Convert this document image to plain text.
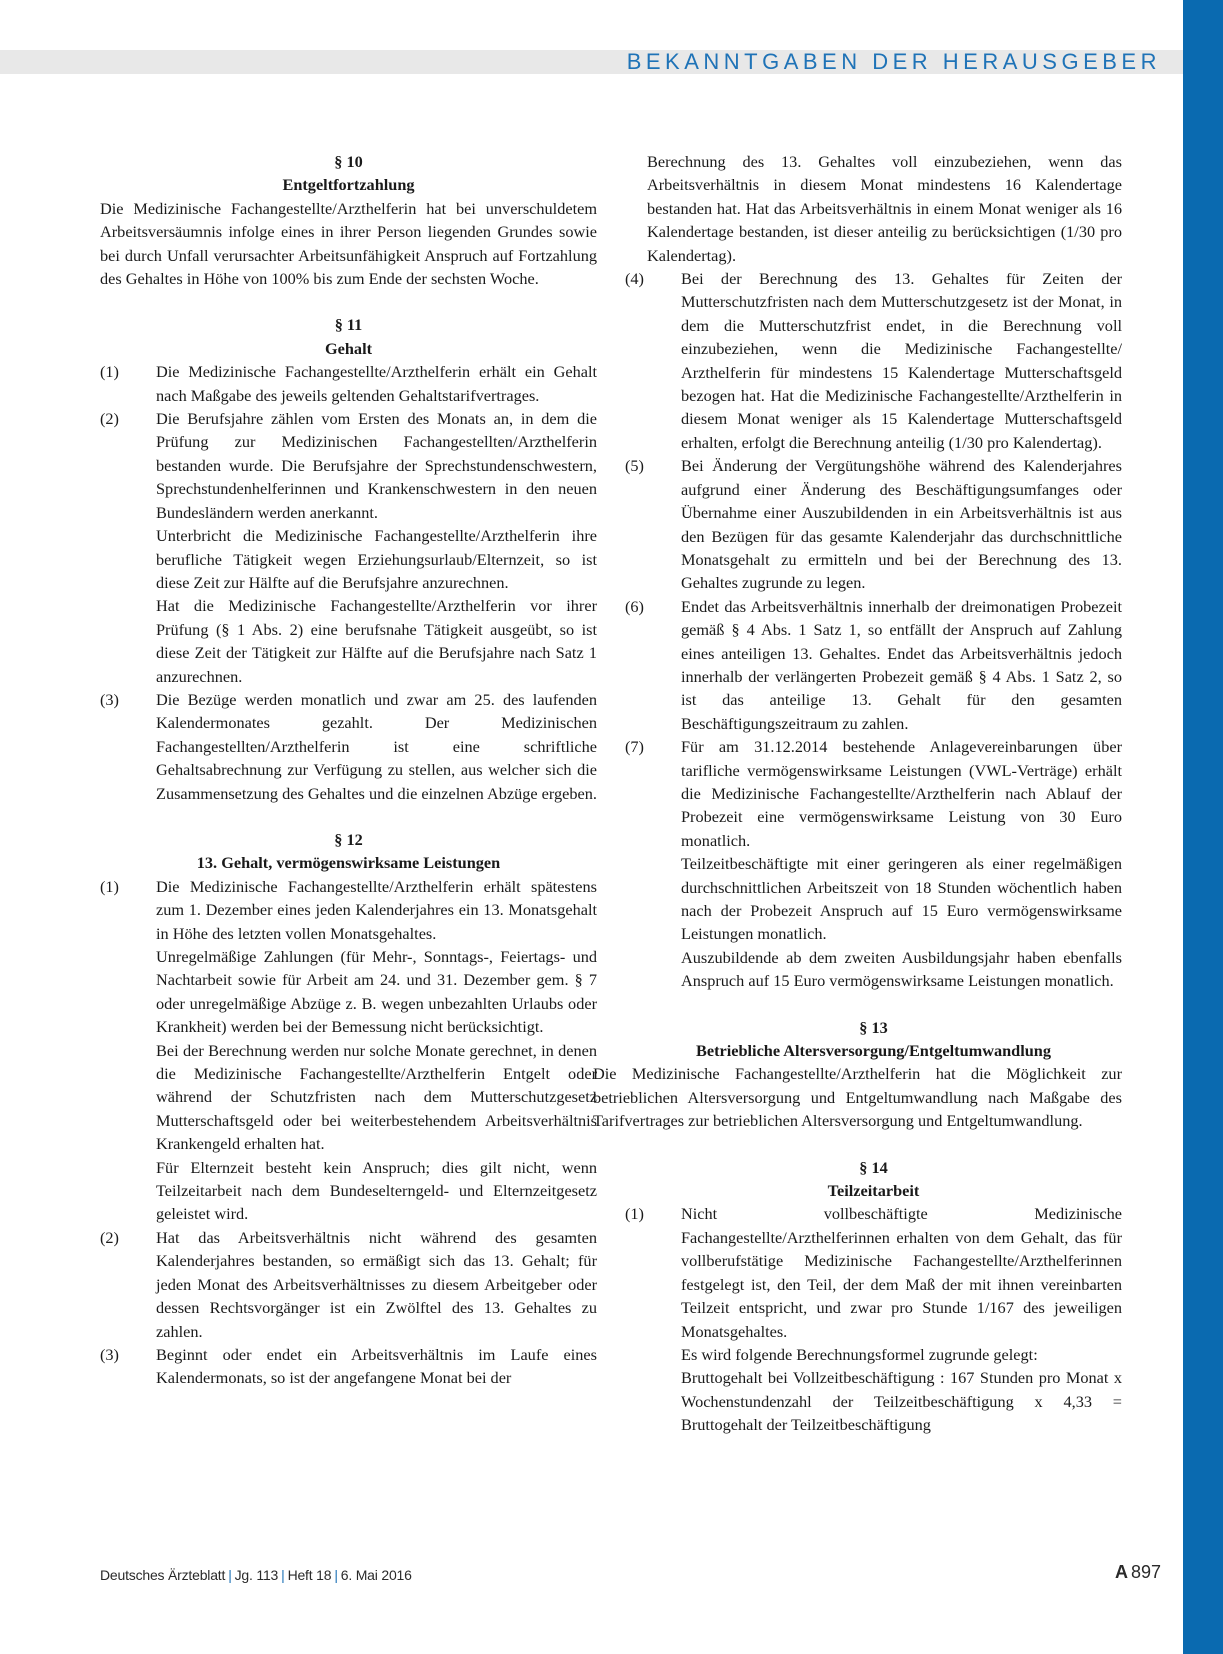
BEKANNTGABEN DER HERAUSGEBER
§ 10
Entgeltfortzahlung

Die Medizinische Fachangestellte/Arzthelferin hat bei unverschuldetem Arbeitsversäumnis infolge eines in ihrer Person liegenden Grundes sowie bei durch Unfall verursachter Arbeitsunfähigkeit Anspruch auf Fortzahlung des Gehaltes in Höhe von 100% bis zum Ende der sechsten Woche.

§ 11
Gehalt
(1)	Die Medizinische Fachangestellte/Arzthelferin erhält ein Gehalt nach Maßgabe des jeweils geltenden Gehaltstarifvertrages.

(2)	Die Berufsjahre zählen vom Ersten des Monats an, in dem die Prüfung zur Medizinischen Fachangestellten/Arzthelferin bestanden wurde. Die Berufsjahre der Sprechstundenschwestern, Sprechstundenhelferinnen und Krankenschwestern in den neuen Bundesländern werden anerkannt.

Unterbricht die Medizinische Fachangestellte/Arzthelferin ihre berufliche Tätigkeit wegen Erziehungsurlaub/Elternzeit, so ist diese Zeit zur Hälfte auf die Berufsjahre anzurechnen.

Hat die Medizinische Fachangestellte/Arzthelferin vor ihrer Prüfung (§ 1 Abs. 2) eine berufsnahe Tätigkeit ausgeübt, so ist diese Zeit der Tätigkeit zur Hälfte auf die Berufsjahre nach Satz 1 anzurechnen.

(3)	Die Bezüge werden monatlich und zwar am 25. des laufenden Kalendermonates gezahlt. Der Medizinischen Fachangestellten/Arzthelferin ist eine schriftliche Gehaltsabrechnung zur Verfügung zu stellen, aus welcher sich die Zusammensetzung des Gehaltes und die einzelnen Abzüge ergeben.

§ 12
13. Gehalt, vermögenswirksame Leistungen
(1)	Die Medizinische Fachangestellte/Arzthelferin erhält spätestens zum 1. Dezember eines jeden Kalenderjahres ein 13. Monatsgehalt in Höhe des letzten vollen Monatsgehaltes.

Unregelmäßige Zahlungen (für Mehr-, Sonntags-, Feiertags- und Nachtarbeit sowie für Arbeit am 24. und 31. Dezember gem. § 7 oder unregelmäßige Abzüge z. B. wegen unbezahlten Urlaubs oder Krankheit) werden bei der Bemessung nicht berücksichtigt.

Bei der Berechnung werden nur solche Monate gerechnet, in denen die Medizinische Fachangestellte/Arzthelferin Entgelt oder während der Schutzfristen nach dem Mutterschutzgesetz Mutterschaftsgeld oder bei weiterbestehendem Arbeitsverhältnis Krankengeld erhalten hat.

Für Elternzeit besteht kein Anspruch; dies gilt nicht, wenn Teilzeitarbeit nach dem Bundeselterngeld- und Elternzeitgesetz geleistet wird.

(2)	Hat das Arbeitsverhältnis nicht während des gesamten Kalenderjahres bestanden, so ermäßigt sich das 13. Gehalt; für jeden Monat des Arbeitsverhältnisses zu diesem Arbeitgeber oder dessen Rechtsvorgänger ist ein Zwölftel des 13. Gehaltes zu zahlen.

(3)	Beginnt oder endet ein Arbeitsverhältnis im Laufe eines Kalendermonats, so ist der angefangene Monat bei der

Berechnung des 13. Gehaltes voll einzubeziehen, wenn das Arbeitsverhältnis in diesem Monat mindestens 16 Kalendertage bestanden hat. Hat das Arbeitsverhältnis in einem Monat weniger als 16 Kalendertage bestanden, ist dieser anteilig zu berücksichtigen (1/30 pro Kalendertag).

(4)	Bei der Berechnung des 13. Gehaltes für Zeiten der Mutterschutzfristen nach dem Mutterschutzgesetz ist der Monat, in dem die Mutterschutzfrist endet, in die Berechnung voll einzubeziehen, wenn die Medizinische Fachangestellte/ Arzthelferin für mindestens 15 Kalendertage Mutterschaftsgeld bezogen hat. Hat die Medizinische Fachangestellte/Arzthelferin in diesem Monat weniger als 15 Kalendertage Mutterschaftsgeld erhalten, erfolgt die Berechnung anteilig (1/30 pro Kalendertag).

(5)	Bei Änderung der Vergütungshöhe während des Kalenderjahres aufgrund einer Änderung des Beschäftigungsumfanges oder Übernahme einer Auszubildenden in ein Arbeitsverhältnis ist aus den Bezügen für das gesamte Kalenderjahr das durchschnittliche Monatsgehalt zu ermitteln und bei der Berechnung des 13. Gehaltes zugrunde zu legen.

(6)	Endet das Arbeitsverhältnis innerhalb der dreimonatigen Probezeit gemäß § 4 Abs. 1 Satz 1, so entfällt der Anspruch auf Zahlung eines anteiligen 13. Gehaltes. Endet das Arbeitsverhältnis jedoch innerhalb der verlängerten Probezeit gemäß § 4 Abs. 1 Satz 2, so ist das anteilige 13. Gehalt für den gesamten Beschäftigungszeitraum zu zahlen.

(7)	Für am 31.12.2014 bestehende Anlagevereinbarungen über tarifliche vermögenswirksame Leistungen (VWL-Verträge) erhält die Medizinische Fachangestellte/Arzthelferin nach Ablauf der Probezeit eine vermögenswirksame Leistung von 30 Euro monatlich.

Teilzeitbeschäftigte mit einer geringeren als einer regelmäßigen durchschnittlichen Arbeitszeit von 18 Stunden wöchentlich haben nach der Probezeit Anspruch auf 15 Euro vermögenswirksame Leistungen monatlich.

Auszubildende ab dem zweiten Ausbildungsjahr haben ebenfalls Anspruch auf 15 Euro vermögenswirksame Leistungen monatlich.

§ 13
Betriebliche Altersversorgung/Entgeltumwandlung

Die Medizinische Fachangestellte/Arzthelferin hat die Möglichkeit zur betrieblichen Altersversorgung und Entgeltumwandlung nach Maßgabe des Tarifvertrages zur betrieblichen Altersversorgung und Entgeltumwandlung.

§ 14
Teilzeitarbeit
(1)	Nicht vollbeschäftigte Medizinische Fachangestellte/Arzthelferinnen erhalten von dem Gehalt, das für vollberufstätige Medizinische Fachangestellte/Arzthelferinnen festgelegt ist, den Teil, der dem Maß der mit ihnen vereinbarten Teilzeit entspricht, und zwar pro Stunde 1/167 des jeweiligen Monatsgehaltes.

Es wird folgende Berechnungsformel zugrunde gelegt:

Bruttogehalt bei Vollzeitbeschäftigung : 167 Stunden pro Monat x Wochenstundenzahl der Teilzeitbeschäftigung x 4,33 = Bruttogehalt der Teilzeitbeschäftigung

Deutsches Ärzteblatt | Jg. 113 | Heft 18 | 6. Mai 2016	A 897
